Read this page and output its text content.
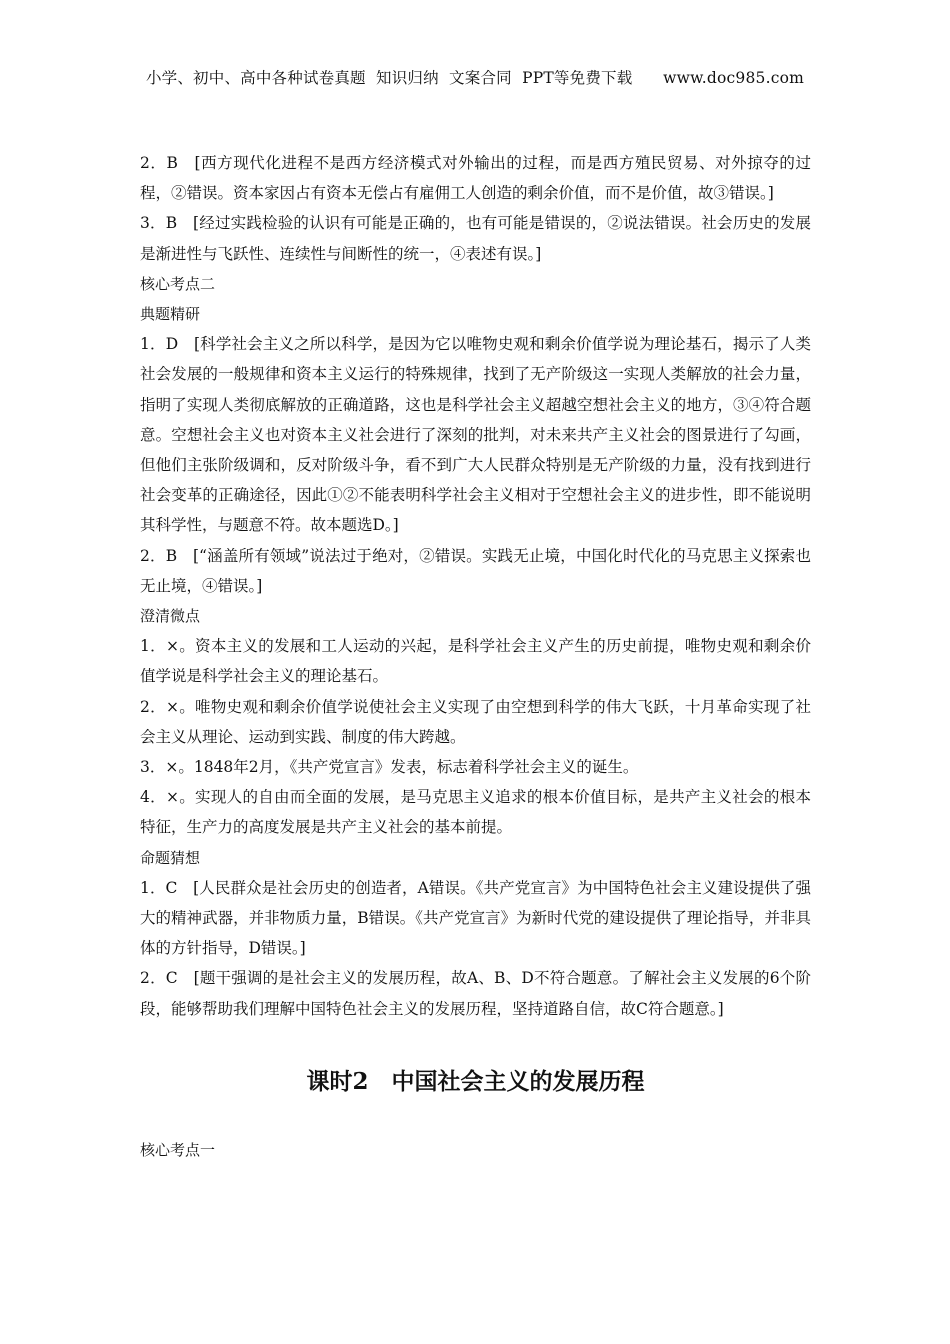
小学、初中、高中各种试卷真题  知识归纳  文案合同  PPT等免费下载      www.doc985.com

2．B　[西方现代化进程不是西方经济模式对外输出的过程，而是西方殖民贸易、对外掠夺的过程，②错误。资本家因占有资本无偿占有雇佣工人创造的剩余价值，而不是价值，故③错误。]

3．B　[经过实践检验的认识有可能是正确的，也有可能是错误的，②说法错误。社会历史的发展是渐进性与飞跃性、连续性与间断性的统一，④表述有误。]

核心考点二

典题精研

1．D　[科学社会主义之所以科学，是因为它以唯物史观和剩余价值学说为理论基石，揭示了人类社会发展的一般规律和资本主义运行的特殊规律，找到了无产阶级这一实现人类解放的社会力量，指明了实现人类彻底解放的正确道路，这也是科学社会主义超越空想社会主义的地方，③④符合题意。空想社会主义也对资本主义社会进行了深刻的批判，对未来共产主义社会的图景进行了勾画，但他们主张阶级调和，反对阶级斗争，看不到广大人民群众特别是无产阶级的力量，没有找到进行社会变革的正确途径，因此①②不能表明科学社会主义相对于空想社会主义的进步性，即不能说明其科学性，与题意不符。故本题选D。]

2．B　[“涵盖所有领域”说法过于绝对，②错误。实践无止境，中国化时代化的马克思主义探索也无止境，④错误。]

澄清微点

1．×。资本主义的发展和工人运动的兴起，是科学社会主义产生的历史前提，唯物史观和剩余价值学说是科学社会主义的理论基石。

2．×。唯物史观和剩余价值学说使社会主义实现了由空想到科学的伟大飞跃，十月革命实现了社会主义从理论、运动到实践、制度的伟大跨越。

3．×。1848年2月，《共产党宣言》发表，标志着科学社会主义的诞生。

4．×。实现人的自由而全面的发展，是马克思主义追求的根本价值目标，是共产主义社会的根本特征，生产力的高度发展是共产主义社会的基本前提。

命题猜想

1．C　[人民群众是社会历史的创造者，A错误。《共产党宣言》为中国特色社会主义建设提供了强大的精神武器，并非物质力量，B错误。《共产党宣言》为新时代党的建设提供了理论指导，并非具体的方针指导，D错误。]

2．C　[题干强调的是社会主义的发展历程，故A、B、D不符合题意。了解社会主义发展的6个阶段，能够帮助我们理解中国特色社会主义的发展历程，坚持道路自信，故C符合题意。]

课时2　中国社会主义的发展历程

核心考点一
